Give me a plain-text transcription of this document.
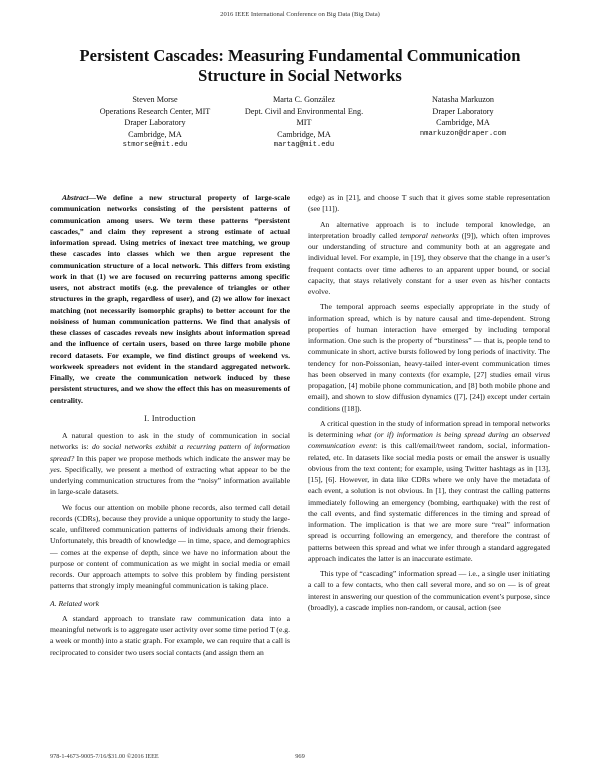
2016 IEEE International Conference on Big Data (Big Data)
Persistent Cascades: Measuring Fundamental Communication Structure in Social Networks
Steven Morse
Operations Research Center, MIT
Draper Laboratory
Cambridge, MA
stmorse@mit.edu
Marta C. González
Dept. Civil and Environmental Eng.
MIT
Cambridge, MA
martag@mit.edu
Natasha Markuzon
Draper Laboratory
Cambridge, MA
nmarkuzon@draper.com

Abstract—We define a new structural property of large-scale communication networks consisting of the persistent patterns of communication among users. We term these patterns “persistent cascades,” and claim they represent a strong estimate of actual information spread. Using metrics of inexact tree matching, we group these cascades into classes which we then argue represent the communication structure of a local network. This differs from existing work in that (1) we are focused on recurring patterns among specific users, not abstract motifs (e.g. the prevalence of triangles or other structures in the graph, regardless of user), and (2) we allow for inexact matching (not necessarily isomorphic graphs) to better account for the noisiness of human communication patterns. We find that analysis of these classes of cascades reveals new insights about information spread and the influence of certain users, based on three large mobile phone record datasets. For example, we find distinct groups of weekend vs. workweek spreaders not evident in the standard aggregated network. Finally, we create the communication network induced by these persistent structures, and we show the effect this has on measurements of centrality.

I. Introduction

A natural question to ask in the study of communication in social networks is: do social networks exhibit a recurring pattern of information spread? In this paper we propose methods which indicate the answer may be yes. Specifically, we present a method of extracting what appear to be the underlying communication structures from the “noisy” information available in large-scale datasets.

We focus our attention on mobile phone records, also termed call detail records (CDRs), because they provide a unique opportunity to study the large-scale, unfiltered communication patterns of individuals among their friends. Unfortunately, this breadth of knowledge — in time, space, and demographics — comes at the expense of depth, since we have no information about the purpose or content of communication as we might in social media or email records. Our approach attempts to solve this problem by finding persistent patterns that strongly imply meaningful communication is taking place.

A. Related work

A standard approach to translate raw communication data into a meaningful network is to aggregate user activity over some time period T (e.g. a week or month) into a static graph. For example, we can require that a call is reciprocated to consider two users social contacts (and assign them an

edge) as in [21], and choose T such that it gives some stable representation (see [11]).

An alternative approach is to include temporal knowledge, an interpretation broadly called temporal networks ([9]), which often improves our understanding of structure and community both at an aggregate and individual level. For example, in [19], they observe that the change in a user’s frequent contacts over time adheres to an apparent upper bound, or social capacity, that stays relatively constant for a user even as his/her contacts evolve.

The temporal approach seems especially appropriate in the study of information spread, which is by nature causal and time-dependent. Strong properties of human interaction have emerged by including temporal information. One such is the property of “burstiness” — that is, people tend to communicate in short, active bursts followed by long periods of inactivity. The tendency for non-Poissonian, heavy-tailed inter-event communication times has been observed in many contexts (for example, [27] studies email virus propagation, [4] mobile phone communication, and [8] both mobile phone and email), and shown to slow diffusion dynamics ([7], [24]) except under certain conditions ([18]).

A critical question in the study of information spread in temporal networks is determining what (or if) information is being spread during an observed communication event: is this call/email/tweet random, social, information-related, etc. In datasets like social media posts or email the answer is usually obvious from the text content; for example, using Twitter hashtags as in [13], [15], [6]. However, in data like CDRs where we only have the metadata of each event, a solution is not obvious. In [1], they contrast the calling patterns immediately following an emergency (bombing, earthquake) with the rest of the call events, and find systematic differences in the timing and spread of information. The implication is that we are more sure “real” information spread is occurring following an emergency, and therefore the contrast of patterns between this spread and what we infer through a standard aggregated approach indicates the latter is an inaccurate estimate.

This type of “cascading” information spread — i.e., a single user initiating a call to a few contacts, who then call several more, and so on — is of great interest in answering our question of the communication event’s purpose, since (broadly), a cascade implies non-random, or causal, action (see

978-1-4673-9005-7/16/$31.00 ©2016 IEEE	969
